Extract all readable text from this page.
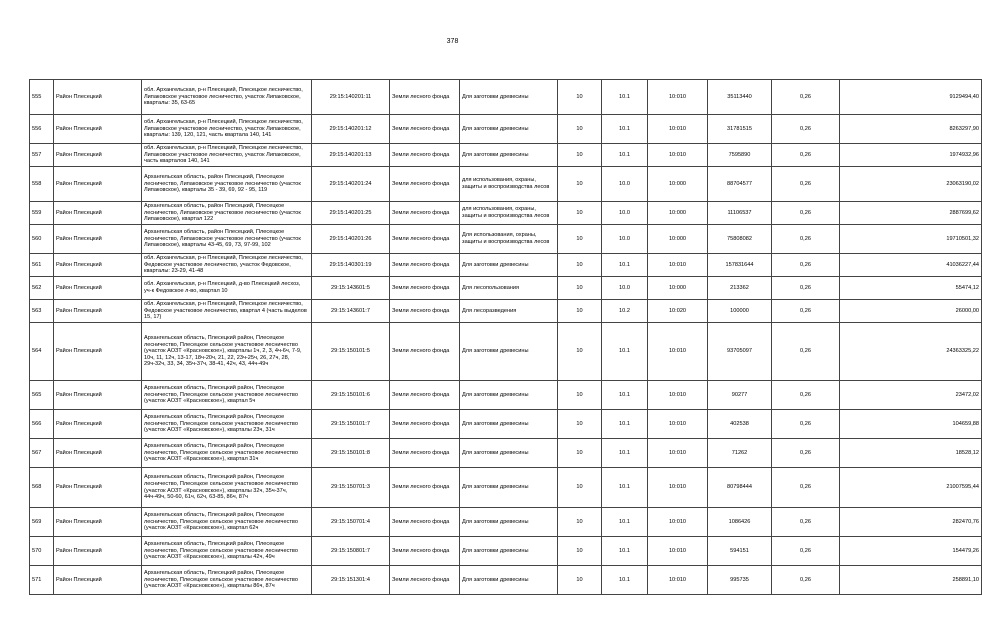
378
555	Район Плесецкий	обл. Архангельская, р-н Плесецкий, Плесецкое лесничество, Липаковское участковое лесничество, участок Липаковское, кварталы: 35, 63-65	29:15:140201:11	Земли лесного фонда	Для заготовки древесины	10	10.1	10:010	35113440	0,26	9129494,40
556	Район Плесецкий	обл. Архангельская, р-н Плесецкий, Плесецкое лесничество, Липаковское участковое лесничество, участок Липаковское, кварталы: 139, 120, 121, часть квартала 140, 141	29:15:140201:12	Земли лесного фонда	Для заготовки древесины	10	10.1	10:010	31781515	0,26	8263297,90
557	Район Плесецкий	обл. Архангельская, р-н Плесецкий, Плесецкое лесничество, Липаковское участковое лесничество, участок Липаковское, часть кварталов 140, 141	29:15:140201:13	Земли лесного фонда	Для заготовки древесины	10	10.1	10:010	7595890	0,26	1974932,96
558	Район Плесецкий	Архангельская область, район Плесецкий, Плесецкое лесничество, Липаковское участковое лесничество (участок Липаковское), кварталы 35 - 39, 69, 92 - 95, 119	29:15:140201:24	Земли лесного фонда	для использования, охраны, защиты и воспроизводства лесов	10	10.0	10:000	88704577	0,26	23063190,02
559	Район Плесецкий	Архангельская область, район Плесецкий, Плесецкое лесничество, Липаковское участковое лесничество (участок Липаковское), квартал 122	29:15:140201:25	Земли лесного фонда	для использования, охраны, защиты и воспроизводства лесов	10	10.0	10:000	11106537	0,26	2887699,62
560	Район Плесецкий	Архангельская область, район Плесецкий, Плесецкое лесничество, Липаковское участковое лесничество (участок Липаковское), кварталы 43-45, 69, 73, 97-99, 102	29:15:140201:26	Земли лесного фонда	Для использования, охраны, защиты и воспроизводства лесов	10	10.0	10:000	75808082	0,26	19710501,32
561	Район Плесецкий	обл. Архангельская, р-н Плесецкий, Плесецкое лесничество, Федовское участковое лесничество, участок Федовское, кварталы: 23-29, 41-48	29:15:140301:19	Земли лесного фонда	Для заготовки древесины	10	10.1	10:010	157831644	0,26	41036227,44
562	Район Плесецкий	обл. Архангельская, р-н Плесецкий, д-во Плесецкий лесхоз, уч-к Федовское л-во, квартал 10	29:15:143601:5	Земли лесного фонда	Для лесопользования	10	10.0	10:000	213362	0,26	55474,12
563	Район Плесецкий	обл. Архангельская, р-н Плесецкий, Плесецкое лесничество, Федовское участковое лесничество, квартал 4 (часть выделов 15, 17)	29:15:143601:7	Земли лесного фонда	Для лесоразведения	10	10.2	10:020	100000	0,26	26000,00
564	Район Плесецкий	Архангельская область, Плесецкий район, Плесецкое лесничество, Плесецкое сельское участковое лесничество (участок АОЗТ «Красновское»), кварталы 1ч, 2, 3, 4ч-6ч, 7-9, 10ч, 11, 12ч, 13-17, 18ч-20ч, 21, 22, 23ч-25ч, 26, 27ч, 28, 29ч-32ч, 33, 34, 35ч-37ч, 38-41, 42ч, 43, 44ч-49ч	29:15:150101:5	Земли лесного фонда	Для заготовки древесины	10	10.1	10:010	93705097	0,26	24363325,22
565	Район Плесецкий	Архангельская область, Плесецкий район, Плесецкое лесничество, Плесецкое сельское участковое лесничество (участок АОЗТ «Красновское»), квартал 5ч	29:15:150101:6	Земли лесного фонда	Для заготовки древесины	10	10.1	10:010	90277	0,26	23472,02
566	Район Плесецкий	Архангельская область, Плесецкий район, Плесецкое лесничество, Плесецкое сельское участковое лесничество (участок АОЗТ «Красновское»), кварталы 23ч, 31ч	29:15:150101:7	Земли лесного фонда	Для заготовки древесины	10	10.1	10:010	402538	0,26	104659,88
567	Район Плесецкий	Архангельская область, Плесецкий район, Плесецкое лесничество, Плесецкое сельское участковое лесничество (участок АОЗТ «Красновское»), квартал 31ч	29:15:150101:8	Земли лесного фонда	Для заготовки древесины	10	10.1	10:010	71262	0,26	18528,12
568	Район Плесецкий	Архангельская область, Плесецкий район, Плесецкое лесничество, Плесецкое сельское участковое лесничество (участок АОЗТ «Красновское»), кварталы 32ч, 35ч-37ч, 44ч-49ч, 50-60, 61ч, 62ч, 63-85, 86ч, 87ч	29:15:150701:3	Земли лесного фонда	Для заготовки древесины	10	10.1	10:010	80798444	0,26	21007595,44
569	Район Плесецкий	Архангельская область, Плесецкий район, Плесецкое лесничество, Плесецкое сельское участковое лесничество (участок АОЗТ «Красновское»), квартал 62ч	29:15:150701:4	Земли лесного фонда	Для заготовки древесины	10	10.1	10:010	1086426	0,26	282470,76
570	Район Плесецкий	Архангельская область, Плесецкий район, Плесецкое лесничество, Плесецкое сельское участковое лесничество (участок АОЗТ «Красновское»), кварталы 42ч, 49ч	29:15:150801:7	Земли лесного фонда	Для заготовки древесины	10	10.1	10:010	594151	0,26	154479,26
571	Район Плесецкий	Архангельская область, Плесецкий район, Плесецкое лесничество, Плесецкое сельское участковое лесничество (участок АОЗТ «Красновское»), кварталы 86ч, 87ч	29:15:151301:4	Земли лесного фонда	Для заготовки древесины	10	10.1	10:010	995735	0,26	258891,10
